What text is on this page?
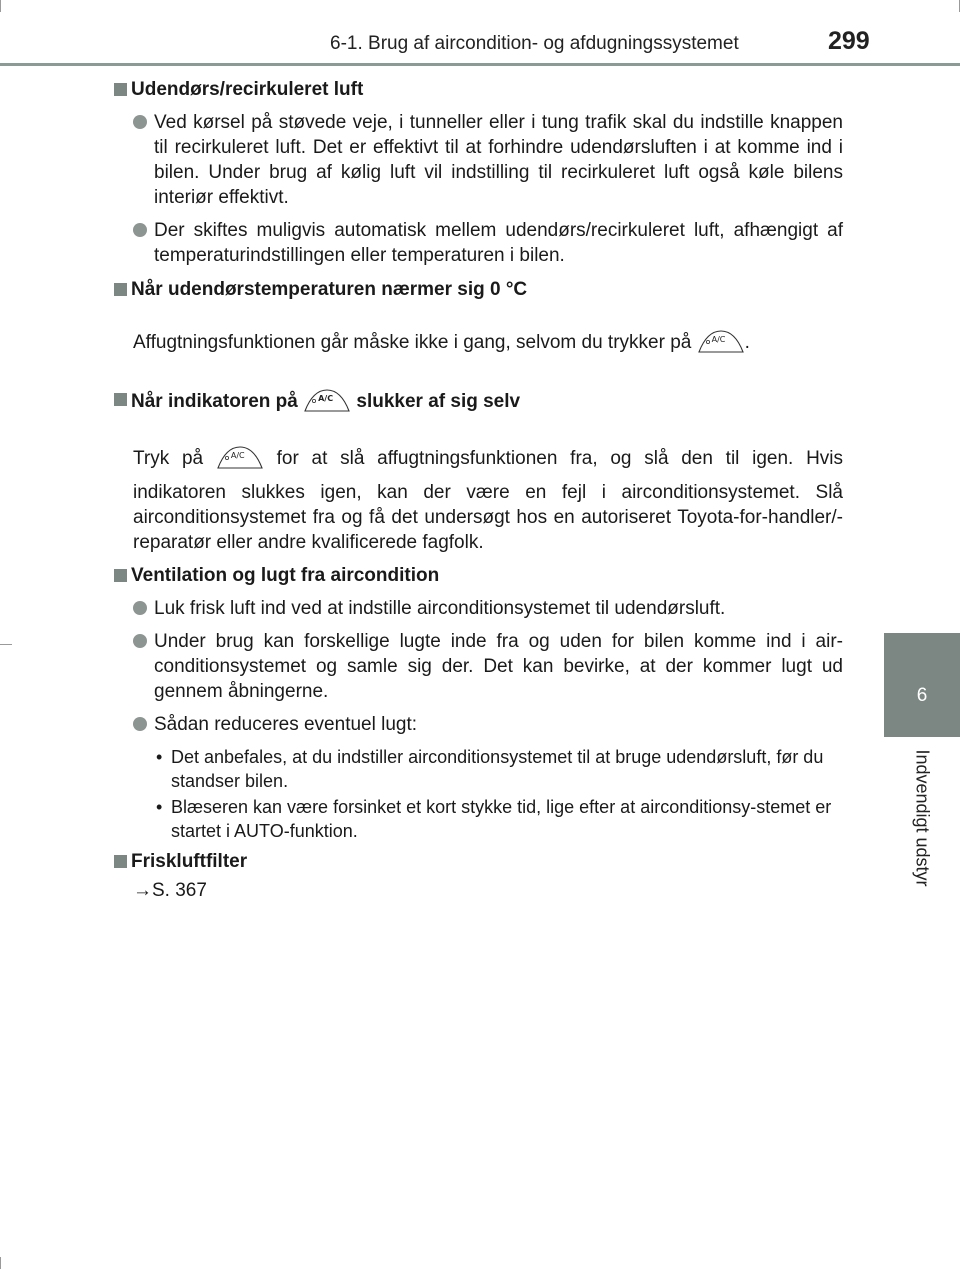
6-1. Brug af aircondition- og afdugningssystemet	299
6
Indvendigt udstyr
Udendørs/recirkuleret luft
Ved kørsel på støvede veje, i tunneller eller i tung trafik skal du indstille knappen til recirkuleret luft. Det er effektivt til at forhindre udendørsluften i at komme ind i bilen. Under brug af kølig luft vil indstilling til recirkuleret luft også køle bilens interiør effektivt.
Der skiftes muligvis automatisk mellem udendørs/recirkuleret luft, afhængigt af temperaturindstillingen eller temperaturen i bilen.
Når udendørstemperaturen nærmer sig 0 °C
Affugtningsfunktionen går måske ikke i gang, selvom du trykker på	A/C .
Når indikatoren på	A/C slukker af sig selv
Tryk på	A/C for at slå affugtningsfunktionen fra, og slå den til igen. Hvis
indikatoren slukkes igen, kan der være en fejl i airconditionsystemet. Slå airconditionsystemet fra og få det undersøgt hos en autoriseret Toyota-for-handler/-reparatør eller andre kvalificerede fagfolk.
Ventilation og lugt fra aircondition
Luk frisk luft ind ved at indstille airconditionsystemet til udendørsluft.
Under brug kan forskellige lugte inde fra og uden for bilen komme ind i air-conditionsystemet og samle sig der. Det kan bevirke, at der kommer lugt ud gennem åbningerne.
Sådan reduceres eventuel lugt:
• Det anbefales, at du indstiller airconditionsystemet til at bruge udendørsluft, før du standser bilen.
• Blæseren kan være forsinket et kort stykke tid, lige efter at airconditionsy-stemet er startet i AUTO-funktion.
Friskluftfilter
→S. 367
